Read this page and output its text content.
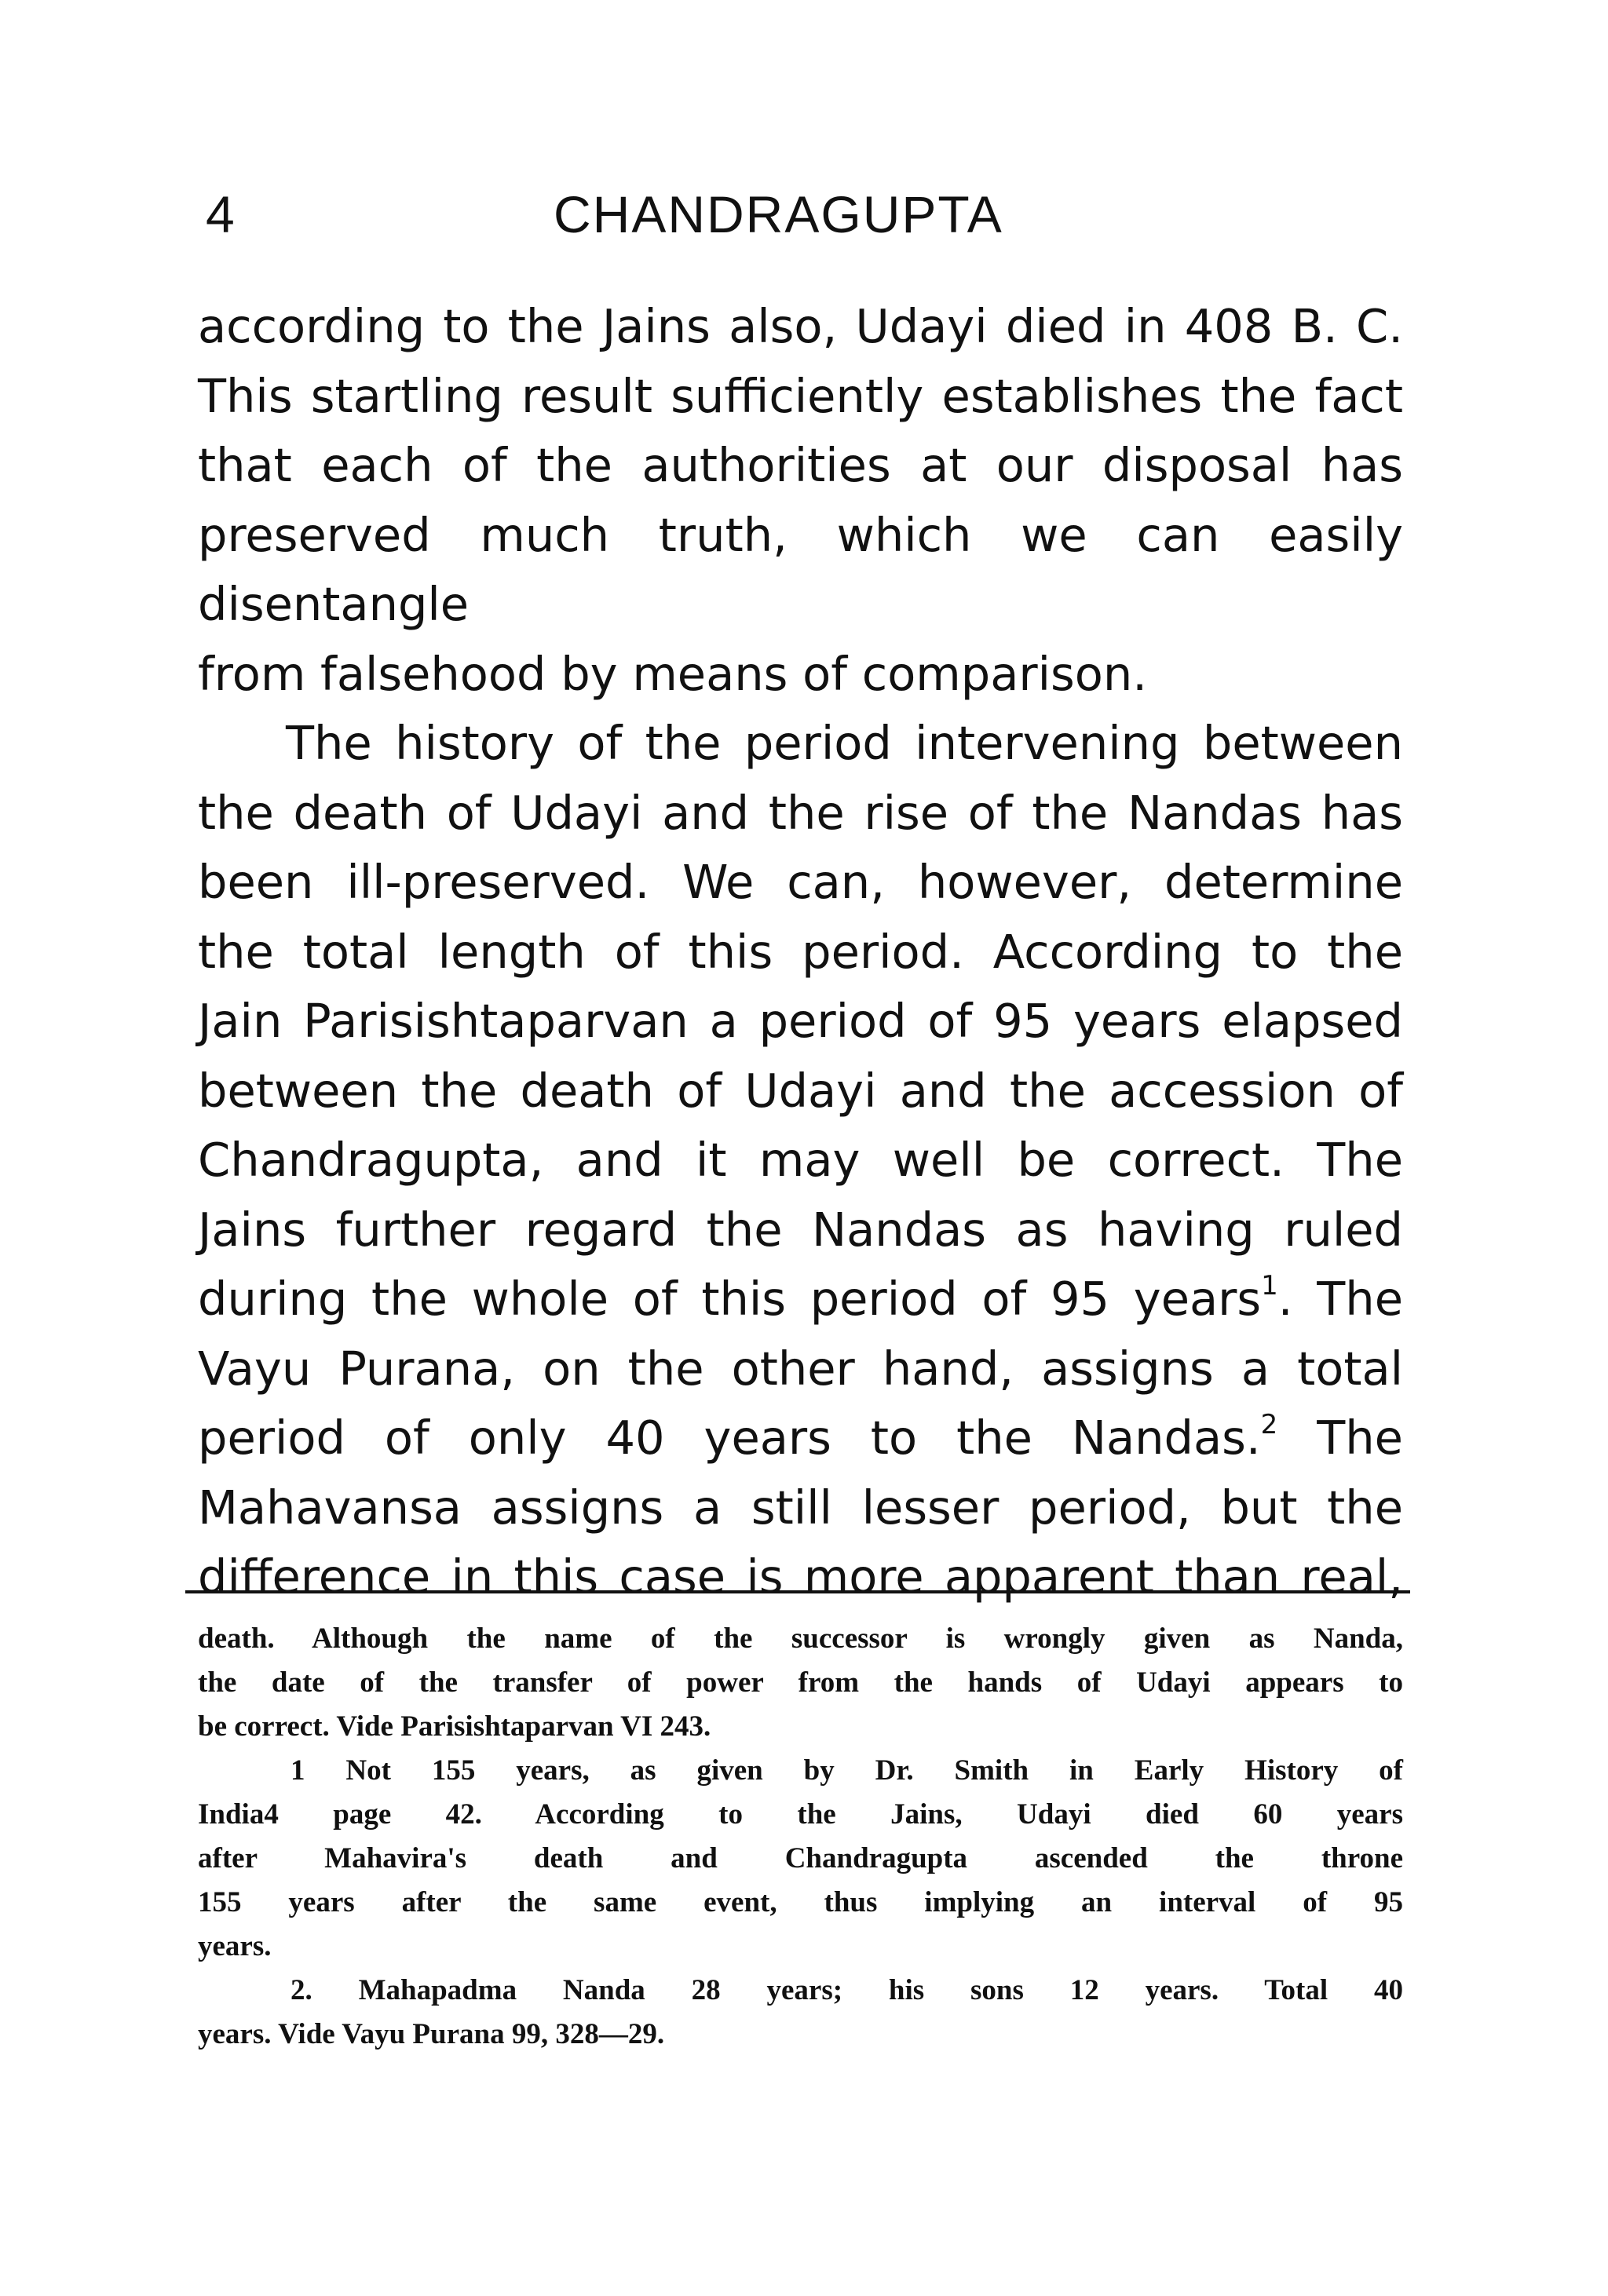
4	CHANDRAGUPTA

according to the Jains also, Udayi died in 408 B. C.

This startling result sufficiently establishes the fact

that each of the authorities at our disposal has

preserved much truth, which we can easily disentangle

from falsehood by means of comparison.

The history of the period intervening between

the death of Udayi and the rise of the Nandas has

been ill-preserved. We can, however, determine

the total length of this period. According to the

Jain Parisishtaparvan a period of 95 years elapsed

between the death of Udayi and the accession of

Chandragupta, and it may well be correct. The

Jains further regard the Nandas as having ruled

during the whole of this period of 95 years$^1$. The

Vayu Purana, on the other hand, assigns a total

period of only 40 years to the Nandas.$^2$ The

Mahavansa assigns a still lesser period, but the

difference in this case is more apparent than real,

death. Although the name of the successor is wrongly given as Nanda,

the date of the transfer of power from the hands of Udayi appears to

be correct. Vide Parisishtaparvan VI 243.

1 Not 155 years, as given by Dr. Smith in Early History of

India4 page 42. According to the Jains, Udayi died 60 years

after Mahavira's death and Chandragupta ascended the throne

155 years after the same event, thus implying an interval of 95

years.

2. Mahapadma Nanda 28 years; his sons 12 years. Total 40

years. Vide Vayu Purana 99, 328—29.
